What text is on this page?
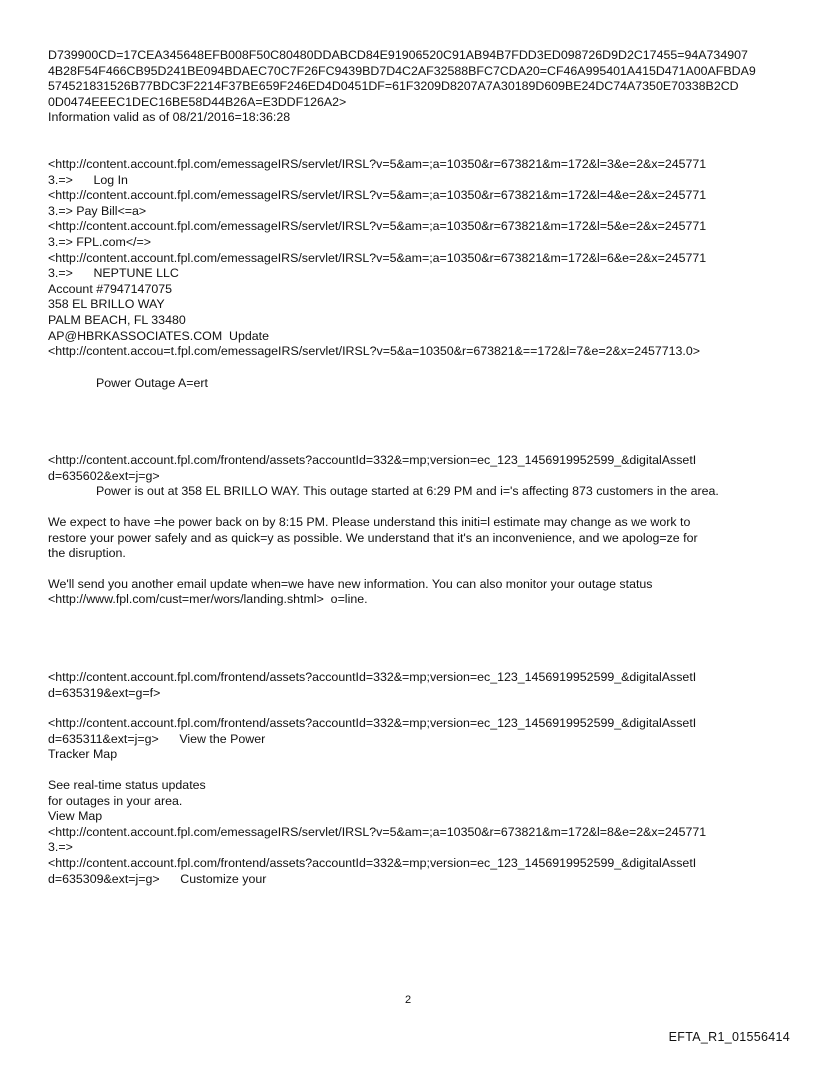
D739900CD=17CEA345648EFB008F50C80480DDABCD84E91906520C91AB94B7FDD3ED098726D9D2C17455=94A734907
4B28F54F466CB95D241BE094BDAEC70C7F26FC9439BD7D4C2AF32588BFC7CDA20=CF46A995401A415D471A00AFBDA9
574521831526B77BDC3F2214F37BE659F246ED4D0451DF=61F3209D8207A7A30189D609BE24DC74A7350E70338B2CD
0D0474EEEC1DEC16BE58D44B26A=E3DDF126A2>
Information valid as of 08/21/2016=18:36:28
<http://content.account.fpl.com/emessageIRS/servlet/IRSL?v=5&am=;a=10350&r=673821&m=172&l=3&e=2&x=245771
3.=>      Log In
<http://content.account.fpl.com/emessageIRS/servlet/IRSL?v=5&am=;a=10350&r=673821&m=172&l=4&e=2&x=245771
3.=> Pay Bill<=a>
<http://content.account.fpl.com/emessageIRS/servlet/IRSL?v=5&am=;a=10350&r=673821&m=172&l=5&e=2&x=245771
3.=> FPL.com</=>
<http://content.account.fpl.com/emessageIRS/servlet/IRSL?v=5&am=;a=10350&r=673821&m=172&l=6&e=2&x=245771
3.=>      NEPTUNE LLC
Account #7947147075
358 EL BRILLO WAY
PALM BEACH, FL 33480
AP@HBRKASSOCIATES.COM  Update
<http://content.accou=t.fpl.com/emessageIRS/servlet/IRSL?v=5&a=10350&r=673821&==172&l=7&e=2&x=2457713.0>
Power Outage A=ert
<http://content.account.fpl.com/frontend/assets?accountId=332&=mp;version=ec_123_1456919952599_&digitalAssetI
d=635602&ext=j=g>
Power is out at 358 EL BRILLO WAY. This outage started at 6:29 PM and i='s affecting 873 customers in the area.
We expect to have =he power back on by 8:15 PM. Please understand this initi=l estimate may change as we work to
restore your power safely and as quick=y as possible. We understand that it's an inconvenience, and we apolog=ze for
the disruption.
We'll send you another email update when=we have new information. You can also monitor your outage status
<http://www.fpl.com/cust=mer/wors/landing.shtml>  o=line.
<http://content.account.fpl.com/frontend/assets?accountId=332&=mp;version=ec_123_1456919952599_&digitalAssetI
d=635319&ext=g=f>
<http://content.account.fpl.com/frontend/assets?accountId=332&=mp;version=ec_123_1456919952599_&digitalAssetI
d=635311&ext=j=g>      View the Power
Tracker Map
See real-time status updates
for outages in your area.
View Map
<http://content.account.fpl.com/emessageIRS/servlet/IRSL?v=5&am=;a=10350&r=673821&m=172&l=8&e=2&x=245771
3.=>
<http://content.account.fpl.com/frontend/assets?accountId=332&=mp;version=ec_123_1456919952599_&digitalAssetI
d=635309&ext=j=g>      Customize your
2
EFTA_R1_01556414
